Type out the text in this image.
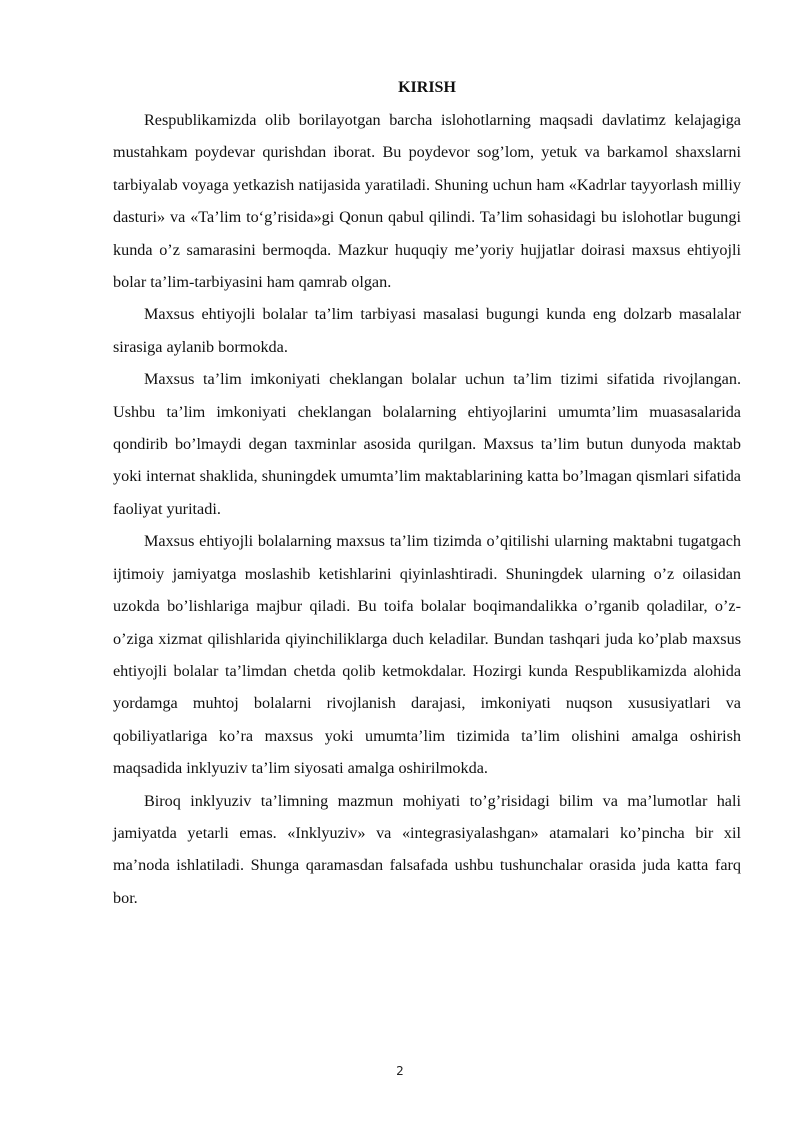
KIRISH

Respublikamizda olib borilayotgan barcha islohotlarning maqsadi davlatimz kelajagiga mustahkam poydevar qurishdan iborat. Bu poydevor sog’lom, yetuk va barkamol shaxslarni tarbiyalab voyaga yetkazish natijasida yaratiladi. Shuning uchun ham «Kadrlar tayyorlash milliy dasturi» va «Ta’lim to‘g’risida»gi Qonun qabul qilindi. Ta’lim sohasidagi bu islohotlar bugungi kunda o’z samarasini bermoqda. Mazkur huquqiy me’yoriy hujjatlar doirasi maxsus ehtiyojli bolar ta’lim-tarbiyasini ham qamrab olgan.

Maxsus ehtiyojli bolalar ta’lim tarbiyasi masalasi bugungi kunda eng dolzarb masalalar sirasiga aylanib bormokda.

Maxsus ta’lim imkoniyati cheklangan bolalar uchun ta’lim tizimi sifatida rivojlangan. Ushbu ta’lim imkoniyati cheklangan bolalarning ehtiyojlarini umumta’lim muasasalarida qondirib bo’lmaydi degan taxminlar asosida qurilgan. Maxsus ta’lim butun dunyoda maktab yoki internat shaklida, shuningdek umumta’lim maktablarining katta bo’lmagan qismlari sifatida faoliyat yuritadi.

Maxsus ehtiyojli bolalarning maxsus ta’lim tizimda o’qitilishi ularning maktabni tugatgach ijtimoiy jamiyatga moslashib ketishlarini qiyinlashtiradi. Shuningdek ularning o’z oilasidan uzokda bo’lishlariga majbur qiladi. Bu toifa bolalar boqimandalikka o’rganib qoladilar, o’z-o’ziga xizmat qilishlarida qiyinchiliklarga duch keladilar. Bundan tashqari juda ko’plab maxsus ehtiyojli bolalar ta’limdan chetda qolib ketmokdalar. Hozirgi kunda Respublikamizda alohida yordamga muhtoj bolalarni rivojlanish darajasi, imkoniyati nuqson xususiyatlari va qobiliyatlariga ko’ra maxsus yoki umumta’lim tizimida ta’lim olishini amalga oshirish maqsadida inklyuziv ta’lim siyosati amalga oshirilmokda.

Biroq inklyuziv ta’limning mazmun mohiyati to’g’risidagi bilim va ma’lumotlar hali jamiyatda yetarli emas. «Inklyuziv» va «integrasiyalashgan» atamalari ko’pincha bir xil ma’noda ishlatiladi. Shunga qaramasdan falsafada ushbu tushunchalar orasida juda katta farq bor.

2
